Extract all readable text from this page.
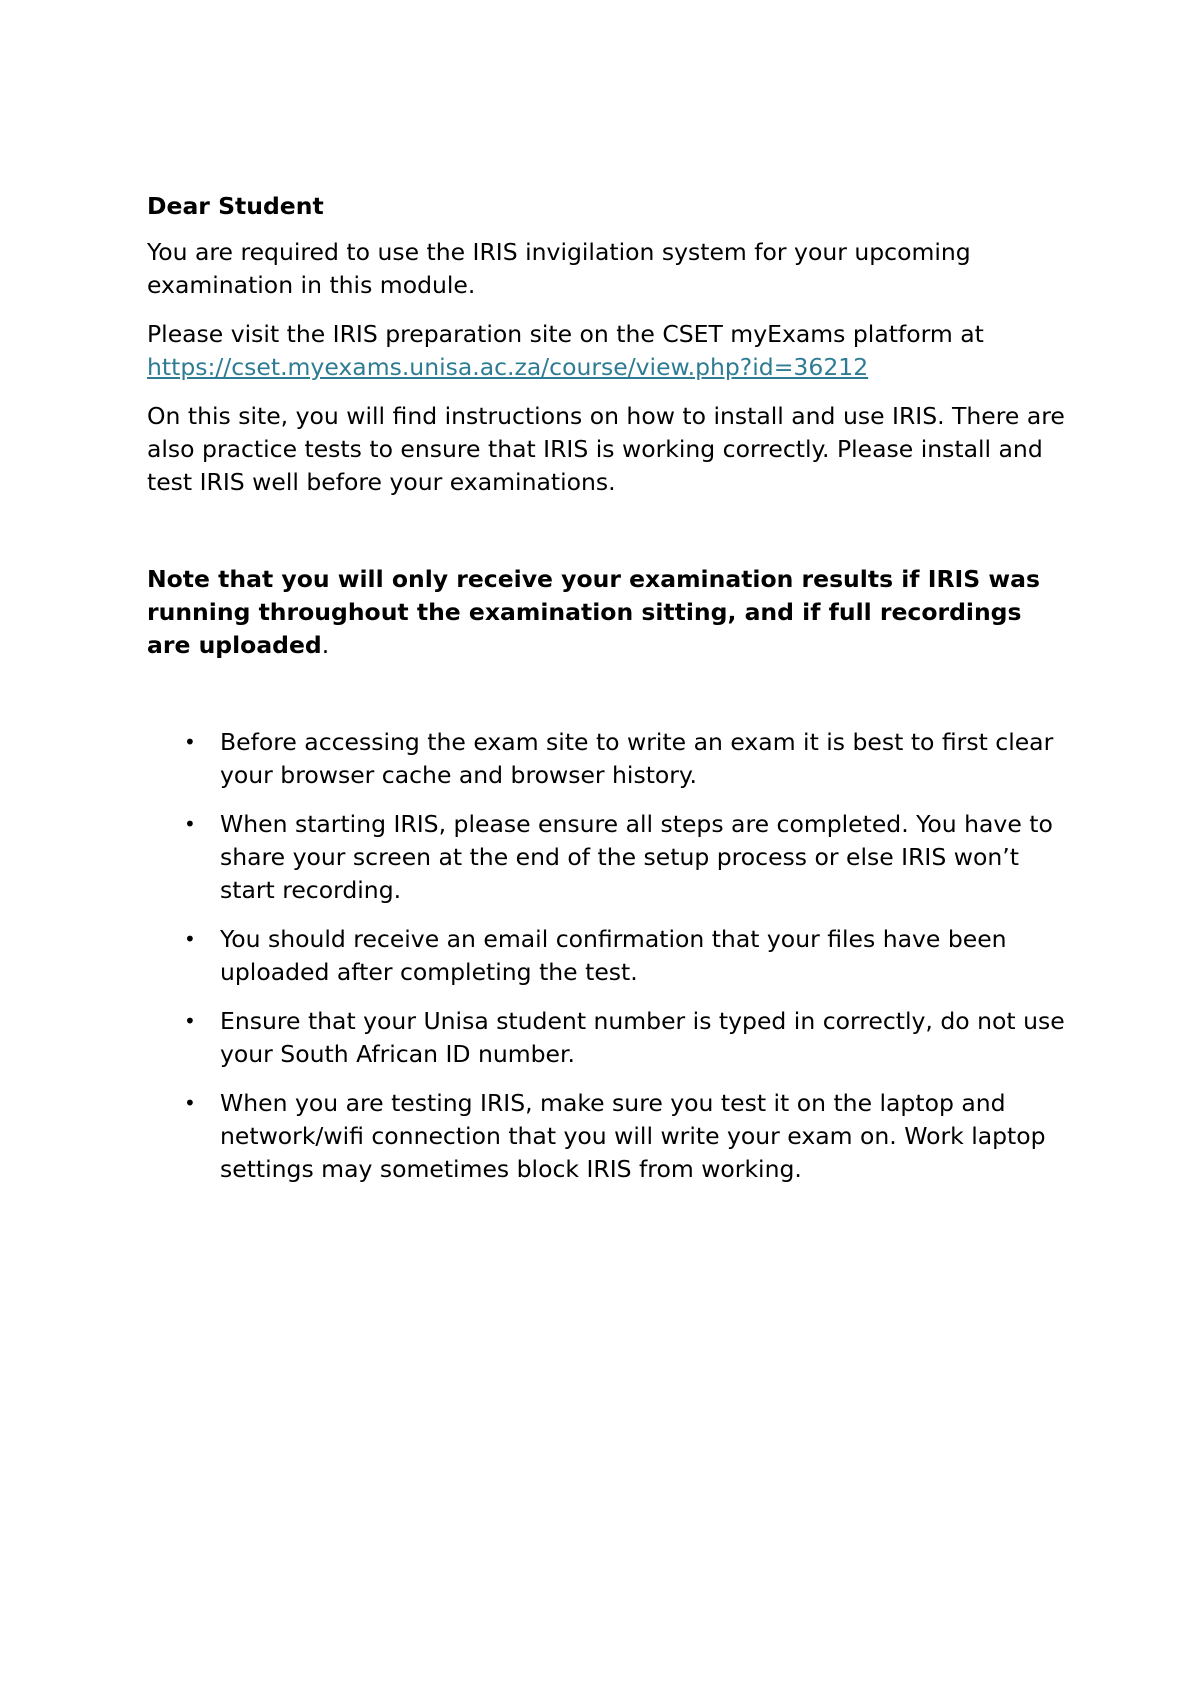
Dear Student

You are required to use the IRIS invigilation system for your upcoming examination in this module.

Please visit the IRIS preparation site on the CSET myExams platform at https://cset.myexams.unisa.ac.za/course/view.php?id=36212

On this site, you will find instructions on how to install and use IRIS. There are also practice tests to ensure that IRIS is working correctly. Please install and test IRIS well before your examinations.

Note that you will only receive your examination results if IRIS was running throughout the examination sitting, and if full recordings are uploaded.

• Before accessing the exam site to write an exam it is best to first clear your browser cache and browser history.
• When starting IRIS, please ensure all steps are completed. You have to share your screen at the end of the setup process or else IRIS won’t start recording.
• You should receive an email confirmation that your files have been uploaded after completing the test.
• Ensure that your Unisa student number is typed in correctly, do not use your South African ID number.
• When you are testing IRIS, make sure you test it on the laptop and network/wifi connection that you will write your exam on. Work laptop settings may sometimes block IRIS from working.
